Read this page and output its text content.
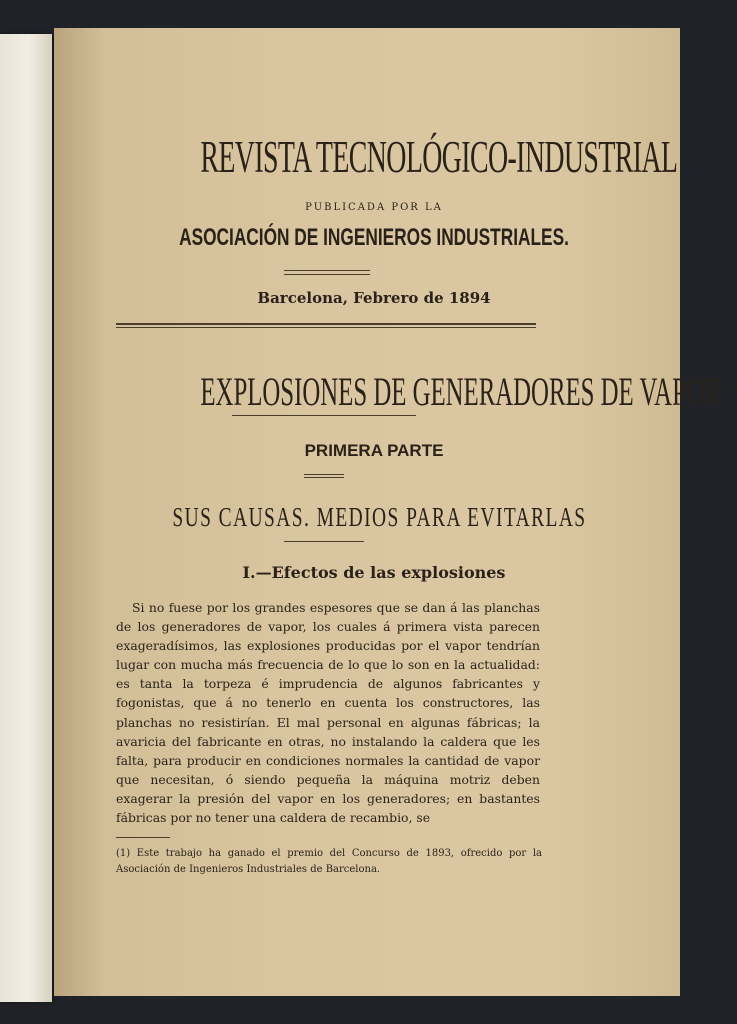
REVISTA TECNOLÓGICO-INDUSTRIAL
PUBLICADA POR LA
ASOCIACIÓN DE INGENIEROS INDUSTRIALES.
Barcelona, Febrero de 1894
EXPLOSIONES DE GENERADORES DE VAPOR $^{(1)}$
PRIMERA PARTE
SUS CAUSAS. MEDIOS PARA EVITARLAS
I.—Efectos de las explosiones

Si no fuese por los grandes espesores que se dan á las planchas de los generadores de vapor, los cuales á primera vista parecen exageradísimos, las explosiones producidas por el vapor tendrían lugar con mucha más frecuencia de lo que lo son en la actualidad: es tanta la torpeza é imprudencia de algunos fabricantes y fogonistas, que á no tenerlo en cuenta los constructores, las planchas no resistirían. El mal personal en algunas fábricas; la avaricia del fabricante en otras, no instalando la caldera que les falta, para producir en condiciones normales la cantidad de vapor que necesitan, ó siendo pequeña la máquina motriz deben exagerar la presión del vapor en los generadores; en bastantes fábricas por no tener una caldera de recambio, se

(1) Este trabajo ha ganado el premio del Concurso de 1893, ofrecido por la Asociación de Ingenieros Industriales de Barcelona.
